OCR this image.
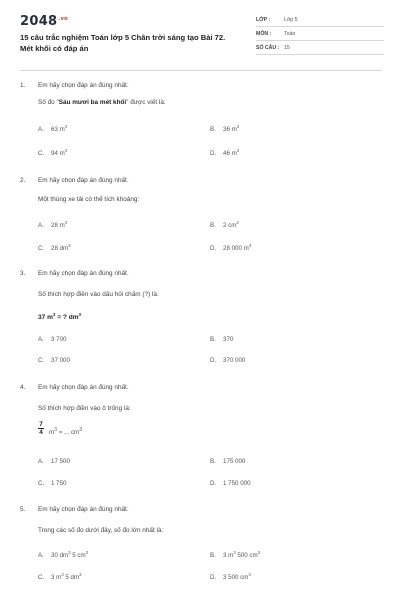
$2048^{.vn}$
15 câu trắc nghiệm Toán lớp 5 Chân trời sáng tạo Bài 72.
Mét khối có đáp án
LỚP :	Lớp 5
MÔN : Toán
SỐ CÂU : 15
1. Em hãy chọn đáp án đúng nhất.
Số đo "Sáu mươi ba mét khối" được viết là:
A. 63 $m^3$	B. 36 $m^3$
C. 94 $m^3$	D. 46 $m^3$
2. Em hãy chọn đáp án đúng nhất.
Một thùng xe tải có thể tích khoảng:
A. 28 $m^3$	B. 2 $cm^3$
C. 28 $dm^3$	D. 28 000 $m^3$
3. Em hãy chọn đáp án đúng nhất.
Số thích hợp điền vào dấu hỏi chấm (?) là:
37 $m^3$ = ? $dm^3$
A. 3 700	B. 370
C. 37 000	D. 370 000
4. Em hãy chọn đáp án đúng nhất.
Số thích hợp điền vào ô trống là:
$\frac{7}{4} m^3$ = ... $cm^3$
A. 17 500	B. 175 000
C. 1 750	D. 1 750 000
5. Em hãy chọn đáp án đúng nhất.
Trong các số đo dưới đây, số đo lớn nhất là:
A. 30 $dm^3$ 5 $cm^3$	B. 3 $m^3$ 500 $cm^3$
C. 3 $m^3$ 5 $dm^3$	D. 3 500 $cm^3$
